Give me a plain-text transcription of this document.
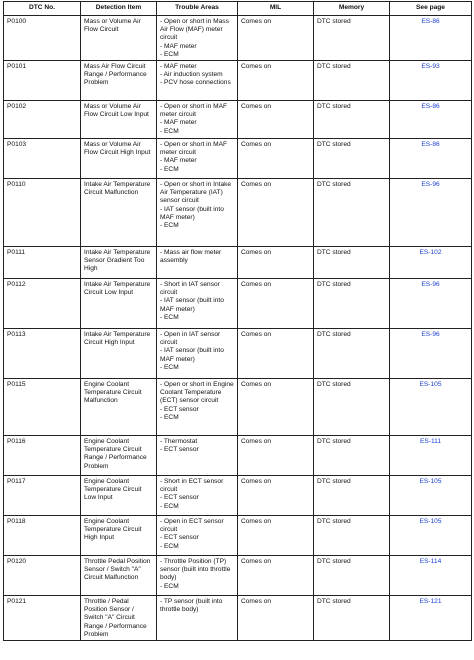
DTC No.	Detection Item	Trouble Areas	MIL	Memory	See page
P0100	Mass or Volume Air Flow Circuit	- Open or short in Mass Air Flow (MAF) meter circuit
- MAF meter
- ECM	Comes on	DTC stored	ES-86
P0101	Mass Air Flow Circuit Range / Performance Problem	- MAF meter
- Air induction system
- PCV hose connections	Comes on	DTC stored	ES-93
P0102	Mass or Volume Air Flow Circuit Low Input	- Open or short in MAF meter circuit
- MAF meter
- ECM	Comes on	DTC stored	ES-86
P0103	Mass or Volume Air Flow Circuit High Input	- Open or short in MAF meter circuit
- MAF meter
- ECM	Comes on	DTC stored	ES-86
P0110	Intake Air Temperature Circuit Malfunction	- Open or short in Intake Air Temperature (IAT) sensor circuit
- IAT sensor (built into MAF meter)
- ECM	Comes on	DTC stored	ES-96
P0111	Intake Air Temperature Sensor Gradient Too High	- Mass air flow meter assembly	Comes on	DTC stored	ES-102
P0112	Intake Air Temperature Circuit Low Input	- Short in IAT sensor circuit
- IAT sensor (built into MAF meter)
- ECM	Comes on	DTC stored	ES-96
P0113	Intake Air Temperature Circuit High Input	- Open in IAT sensor circuit
- IAT sensor (built into MAF meter)
- ECM	Comes on	DTC stored	ES-96
P0115	Engine Coolant Temperature Circuit Malfunction	- Open or short in Engine Coolant Temperature (ECT) sensor circuit
- ECT sensor
- ECM	Comes on	DTC stored	ES-105
P0116	Engine Coolant Temperature Circuit Range / Performance Problem	- Thermostat
- ECT sensor	Comes on	DTC stored	ES-111
P0117	Engine Coolant Temperature Circuit Low Input	- Short in ECT sensor circuit
- ECT sensor
- ECM	Comes on	DTC stored	ES-105
P0118	Engine Coolant Temperature Circuit High Input	- Open in ECT sensor circuit
- ECT sensor
- ECM	Comes on	DTC stored	ES-105
P0120	Throttle Pedal Position Sensor / Switch "A" Circuit Malfunction	- Throttle Position (TP) sensor (built into throttle body)
- ECM	Comes on	DTC stored	ES-114
P0121	Throttle / Pedal Position Sensor / Switch "A" Circuit Range / Performance Problem	- TP sensor (built into throttle body)	Comes on	DTC stored	ES-121
